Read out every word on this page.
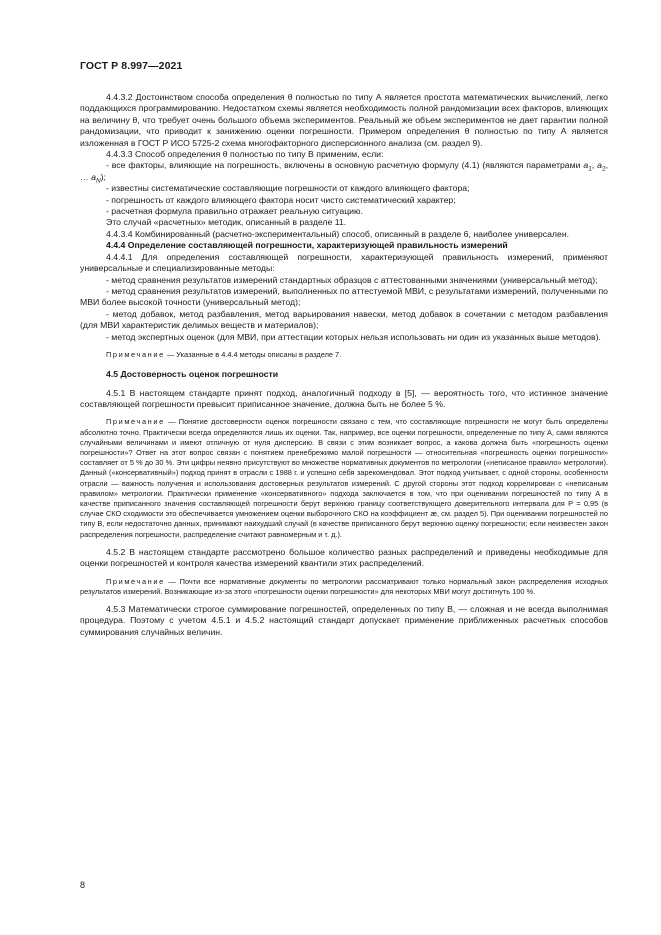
ГОСТ Р 8.997—2021

4.4.3.2 Достоинством способа определения θ полностью по типу А является простота математических вычислений, легко поддающихся программированию. Недостатком схемы является необходимость полной рандомизации всех факторов, влияющих на величину θ, что требует очень большого объема экспериментов. Реальный же объем экспериментов не дает гарантии полной рандомизации, что приводит к занижению оценки погрешности. Примером определения θ полностью по типу А является изложенная в ГОСТ Р ИСО 5725-2 схема многофакторного дисперсионного анализа (см. раздел 9).

4.4.3.3 Способ определения θ полностью по типу В применим, если:

- все факторы, влияющие на погрешность, включены в основную расчетную формулу (4.1) (являются параметрами $a_1$, $a_2$, … $a_N$);

- известны систематические составляющие погрешности от каждого влияющего фактора;

- погрешность от каждого влияющего фактора носит чисто систематический характер;

- расчетная формула правильно отражает реальную ситуацию.

Это случай «расчетных» методик, описанный в разделе 11.

4.4.3.4 Комбинированный (расчетно-экспериментальный) способ, описанный в разделе 6, наиболее универсален.

4.4.4 Определение составляющей погрешности, характеризующей правильность измерений

4.4.4.1 Для определения составляющей погрешности, характеризующей правильность измерений, применяют универсальные и специализированные методы:

- метод сравнения результатов измерений стандартных образцов с аттестованными значениями (универсальный метод);

- метод сравнения результатов измерений, выполненных по аттестуемой МВИ, с результатами измерений, полученными по МВИ более высокой точности (универсальный метод);

- метод добавок, метод разбавления, метод варьирования навески, метод добавок в сочетании с методом разбавления (для МВИ характеристик делимых веществ и материалов);

- метод экспертных оценок (для МВИ, при аттестации которых нельзя использовать ни один из указанных выше методов).

Примечание — Указанные в 4.4.4 методы описаны в разделе 7.

4.5 Достоверность оценок погрешности

4.5.1 В настоящем стандарте принят подход, аналогичный подходу в [5], — вероятность того, что истинное значение составляющей погрешности превысит приписанное значение, должна быть не более 5 %.

Примечание — Понятие достоверности оценок погрешности связано с тем, что составляющие погрешности не могут быть определены абсолютно точно. Практически всегда определяются лишь их оценки. Так, например, все оценки погрешности, определенные по типу А, сами являются случайными величинами и имеют отличную от нуля дисперсию. В связи с этим возникает вопрос, а какова должна быть «погрешность оценки погрешности»? Ответ на этот вопрос связан с понятием пренебрежимо малой погрешности — относительная «погрешность оценки погрешности» составляет от 5 % до 30 %. Эти цифры неявно присутствуют во множестве нормативных документов по метрологии («неписаное правило» метрологии). Данный («консервативный») подход принят в отрасли с 1988 г. и успешно себя зарекомендовал. Этот подход учитывает, с одной стороны, особенности отрасли — важность получения и использования достоверных результатов измерений. С другой стороны этот подход коррелирован с «неписаным правилом» метрологии. Практически применение «консервативного» подхода заключается в том, что при оценивании погрешностей по типу А в качестве приписанного значения составляющей погрешности берут верхнюю границу соответствующего доверительного интервала для P = 0,95 (в случае СКО сходимости это обеспечивается умножением оценки выборочного СКО на коэффициент æ, см. раздел 5). При оценивании погрешностей по типу В, если недостаточно данных, принимают наихудший случай (в качестве приписанного берут верхнюю оценку погрешности; если неизвестен закон распределения погрешности, распределение считают равномерным и т. д.).

4.5.2 В настоящем стандарте рассмотрено большое количество разных распределений и приведены необходимые для оценки погрешностей и контроля качества измерений квантили этих распределений.

Примечание — Почти все нормативные документы по метрологии рассматривают только нормальный закон распределения исходных результатов измерений. Возникающие из-за этого «погрешности оценки погрешности» для некоторых МВИ могут достигнуть 100 %.

4.5.3 Математически строгое суммирование погрешностей, определенных по типу В, — сложная и не всегда выполнимая процедура. Поэтому с учетом 4.5.1 и 4.5.2 настоящий стандарт допускает применение приближенных расчетных способов суммирования случайных величин.

8
